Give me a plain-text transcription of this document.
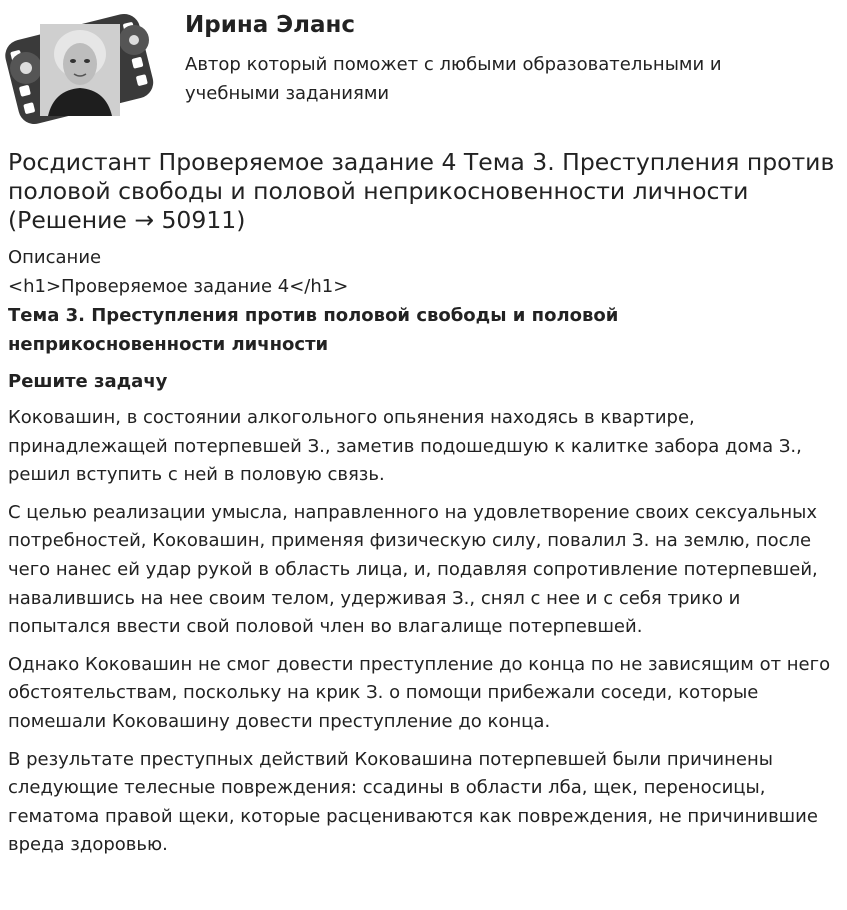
Ирина Эланс

Автор который поможет с любыми образовательными и учебными заданиями

Росдистант Проверяемое задание 4 Тема 3. Преступления против половой свободы и половой неприкосновенности личности (Решение → 50911)

Описание

<h1>Проверяемое задание 4</h1>

Тема 3. Преступления против половой свободы и половой неприкосновенности личности

Решите задачу

Коковашин, в состоянии алкогольного опьянения находясь в квартире, принадлежащей потерпевшей З., заметив подошедшую к калитке забора дома З., решил вступить с ней в половую связь.

С целью реализации умысла, направленного на удовлетворение своих сексуальных потребностей, Коковашин, применяя физическую силу, повалил З. на землю, после чего нанес ей удар рукой в область лица, и, подавляя сопротивление потерпевшей, навалившись на нее своим телом, удерживая З., снял с нее и с себя трико и попытался ввести свой половой член во влагалище потерпевшей.

Однако Коковашин не смог довести преступление до конца по не зависящим от него обстоятельствам, поскольку на крик З. о помощи прибежали соседи, которые помешали Коковашину довести преступление до конца.

В результате преступных действий Коковашина потерпевшей были причинены следующие телесные повреждения: ссадины в области лба, щек, переносицы, гематома правой щеки, которые расцениваются как повреждения, не причинившие вреда здоровью.
